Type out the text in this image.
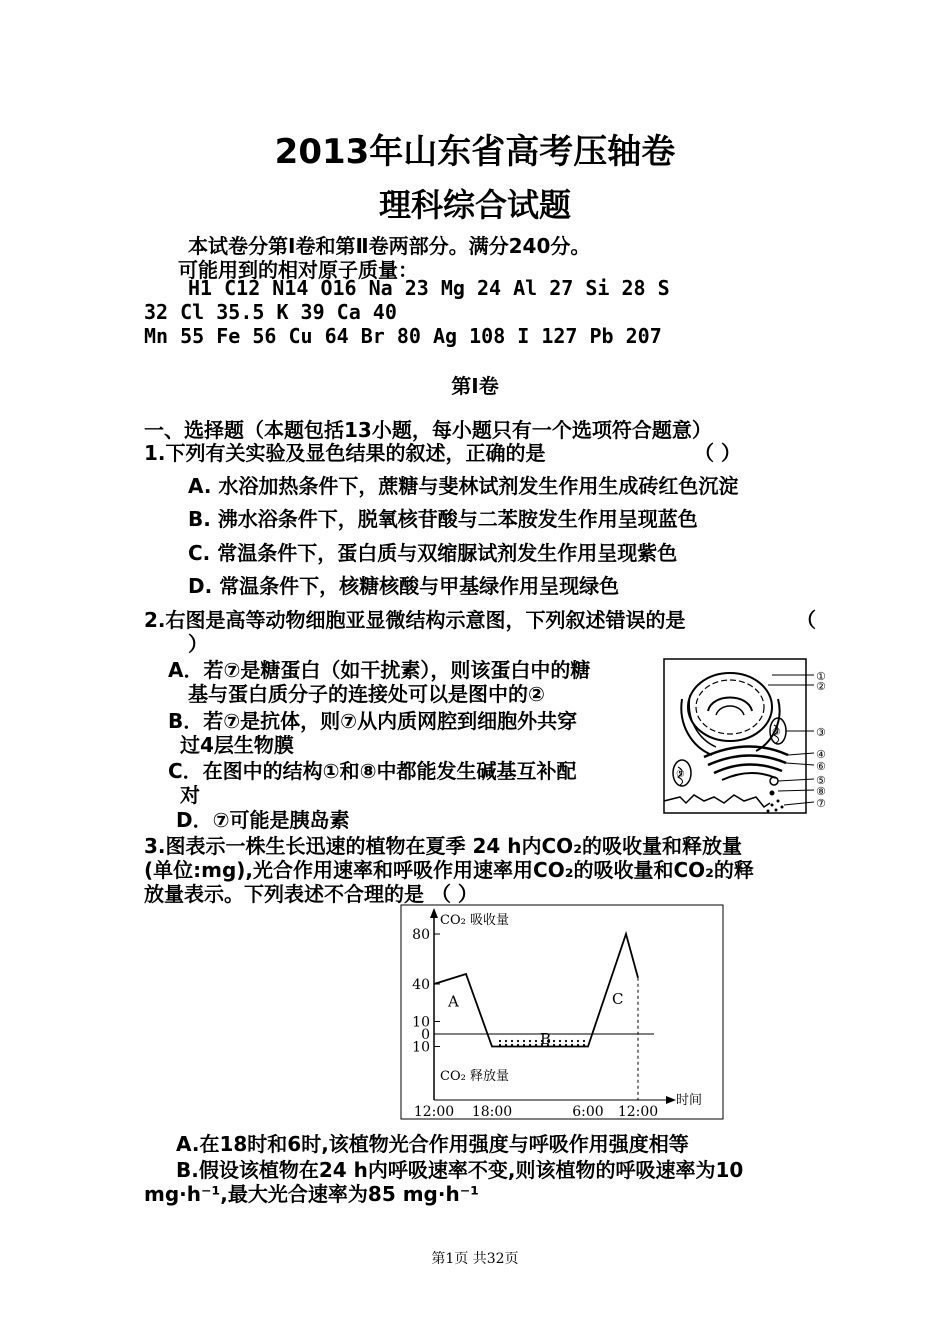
2013年山东省高考压轴卷
理科综合试题
本试卷分第Ⅰ卷和第Ⅱ卷两部分。满分240分。
可能用到的相对原子质量：
H1 C12 N14 O16 Na 23 Mg 24 Al 27 Si 28 S
32 Cl 35.5 K 39 Ca 40
Mn 55 Fe 56 Cu 64 Br 80 Ag 108 I 127 Pb 207
第Ⅰ卷
一、选择题（本题包括13小题，每小题只有一个选项符合题意）
1.下列有关实验及显色结果的叙述，正确的是	（ ）
A. 水浴加热条件下，蔗糖与斐林试剂发生作用生成砖红色沉淀
B. 沸水浴条件下，脱氧核苷酸与二苯胺发生作用呈现蓝色
C. 常温条件下，蛋白质与双缩脲试剂发生作用呈现紫色
D. 常温条件下，核糖核酸与甲基绿作用呈现绿色
2.右图是高等动物细胞亚显微结构示意图，下列叙述错误的是	（
）
A．若⑦是糖蛋白（如干扰素），则该蛋白中的糖
基与蛋白质分子的连接处可以是图中的②
B．若⑦是抗体，则⑦从内质网腔到细胞外共穿
过4层生物膜
C．在图中的结构①和⑧中都能发生碱基互补配
对
D．⑦可能是胰岛素
①
②
③
④
⑥
⑤
⑧
⑦
⑤
⑤
3.图表示一株生长迅速的植物在夏季 24 h内CO₂的吸收量和释放量
(单位:mg),光合作用速率和呼吸作用速率用CO₂的吸收量和CO₂的释
放量表示。下列表述不合理的是 （ ）
CO₂ 吸收量
CO₂ 释放量
时间
80
40
10
0
10
12:00 18:00	6:00 12:00
A
B
C
A.在18时和6时,该植物光合作用强度与呼吸作用强度相等
B.假设该植物在24 h内呼吸速率不变,则该植物的呼吸速率为10
mg·h⁻¹,最大光合速率为85 mg·h⁻¹
第1页 共32页
